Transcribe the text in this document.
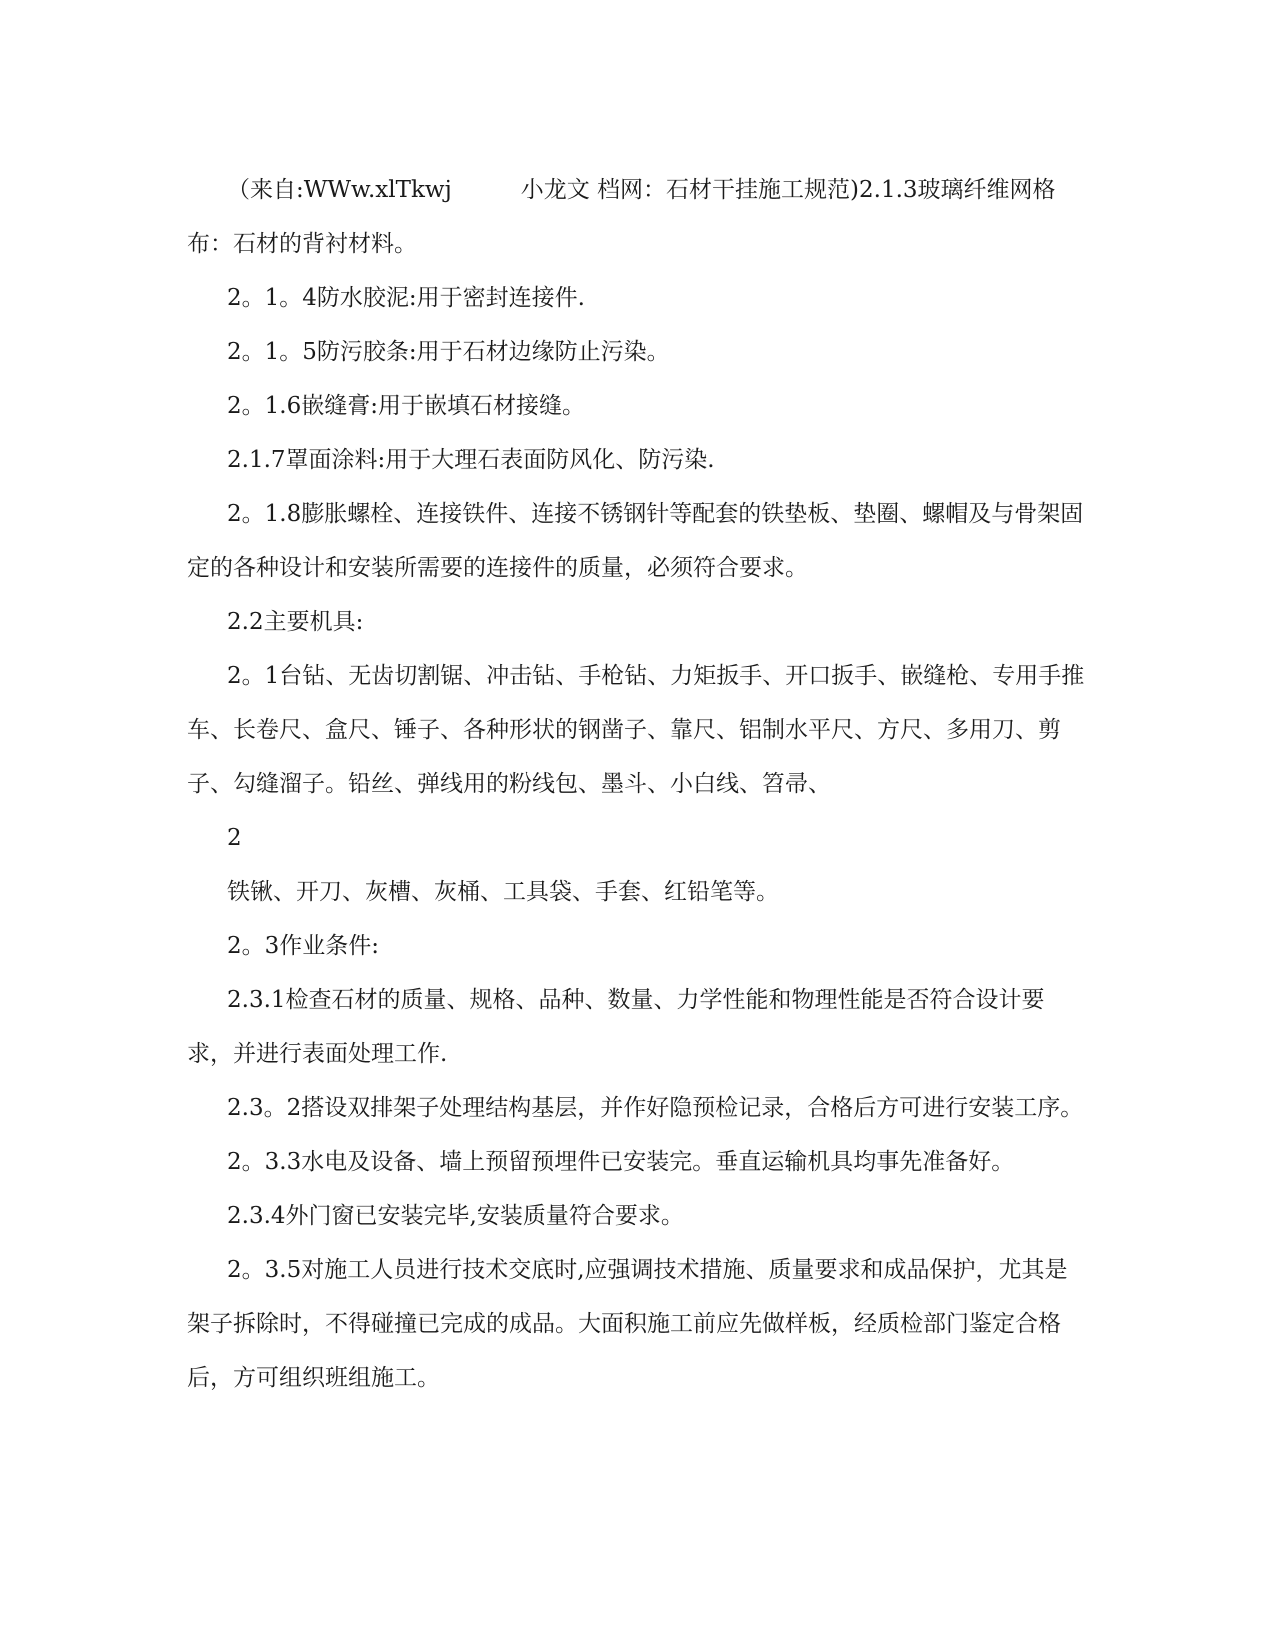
（来自:WWw.xlTkwj　　　小龙文 档网：石材干挂施工规范)2.1.3玻璃纤维网格布：石材的背衬材料。

2。1。4防水胶泥:用于密封连接件.

2。1。5防污胶条:用于石材边缘防止污染。

2。1.6嵌缝膏:用于嵌填石材接缝。

2.1.7罩面涂料:用于大理石表面防风化、防污染.

2。1.8膨胀螺栓、连接铁件、连接不锈钢针等配套的铁垫板、垫圈、螺帽及与骨架固定的各种设计和安装所需要的连接件的质量，必须符合要求。

2.2主要机具:

2。1台钻、无齿切割锯、冲击钻、手枪钻、力矩扳手、开口扳手、嵌缝枪、专用手推车、长卷尺、盒尺、锤子、各种形状的钢凿子、靠尺、铝制水平尺、方尺、多用刀、剪子、勾缝溜子。铅丝、弹线用的粉线包、墨斗、小白线、笤帚、

2

铁锹、开刀、灰槽、灰桶、工具袋、手套、红铅笔等。

2。3作业条件:

2.3.1检查石材的质量、规格、品种、数量、力学性能和物理性能是否符合设计要求，并进行表面处理工作.

2.3。2搭设双排架子处理结构基层，并作好隐预检记录，合格后方可进行安装工序。

2。3.3水电及设备、墙上预留预埋件已安装完。垂直运输机具均事先准备好。

2.3.4外门窗已安装完毕,安装质量符合要求。

2。3.5对施工人员进行技术交底时,应强调技术措施、质量要求和成品保护，尤其是架子拆除时，不得碰撞已完成的成品。大面积施工前应先做样板，经质检部门鉴定合格后，方可组织班组施工。
